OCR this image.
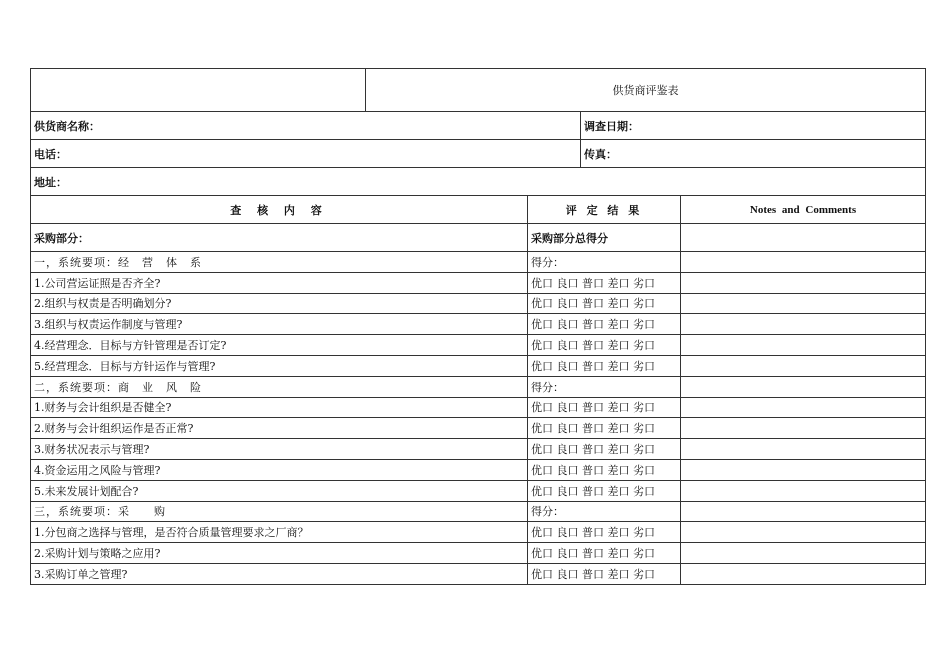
	供货商评鉴表			
供货商名称：			调查日期：	
电话：			传真：	
地址：				
查 核 内 容		评 定 结 果		Notes and Comments
采购部分：		采购部分总得分		
一，系统要项：经　营　体　系		得分：		
1.公司营运证照是否齐全?		优口 良口 普口 差口 劣口		
2.组织与权责是否明确划分?		优口 良口 普口 差口 劣口		
3.组织与权责运作制度与管理?		优口 良口 普口 差口 劣口		
4.经营理念．目标与方针管理是否订定?		优口 良口 普口 差口 劣口		
5.经营理念．目标与方针运作与管理?		优口 良口 普口 差口 劣口		
二，系统要项：商　业　风　险		得分：		
1.财务与会计组织是否健全?		优口 良口 普口 差口 劣口		
2.财务与会计组织运作是否正常?		优口 良口 普口 差口 劣口		
3.财务状况表示与管理?		优口 良口 普口 差口 劣口		
4.资金运用之风险与管理?		优口 良口 普口 差口 劣口		
5.未来发展计划配合?		优口 良口 普口 差口 劣口		
三，系统要项：采　　购		得分：		
1.分包商之选择与管理，是否符合质量管理要求之厂商？		优口 良口 普口 差口 劣口		
2.采购计划与策略之应用?		优口 良口 普口 差口 劣口		
3.采购订单之管理?		优口 良口 普口 差口 劣口		
